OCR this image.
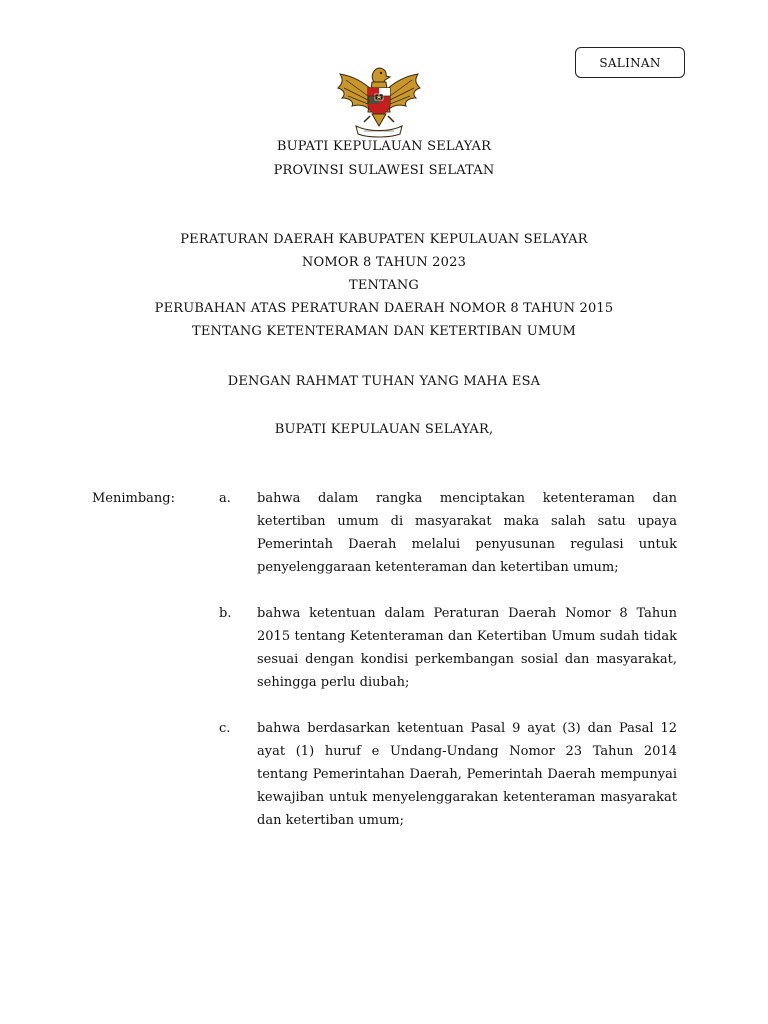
SALINAN
BUPATI KEPULAUAN SELAYAR
PROVINSI SULAWESI SELATAN
PERATURAN DAERAH KABUPATEN KEPULAUAN SELAYAR
NOMOR 8 TAHUN 2023
TENTANG
PERUBAHAN ATAS PERATURAN DAERAH NOMOR 8 TAHUN 2015
TENTANG KETENTERAMAN DAN KETERTIBAN UMUM
DENGAN RAHMAT TUHAN YANG MAHA ESA
BUPATI KEPULAUAN SELAYAR,
Menimbang:	a. bahwa dalam rangka menciptakan ketenteraman dan ketertiban umum di masyarakat maka salah satu upaya Pemerintah Daerah melalui penyusunan regulasi untuk penyelenggaraan ketenteraman dan ketertiban umum;
b. bahwa ketentuan dalam Peraturan Daerah Nomor 8 Tahun 2015 tentang Ketenteraman dan Ketertiban Umum sudah tidak sesuai dengan kondisi perkembangan sosial dan masyarakat, sehingga perlu diubah;
c. bahwa berdasarkan ketentuan Pasal 9 ayat (3) dan Pasal 12 ayat (1) huruf e Undang-Undang Nomor 23 Tahun 2014 tentang Pemerintahan Daerah, Pemerintah Daerah mempunyai kewajiban untuk menyelenggarakan ketenteraman masyarakat dan ketertiban umum;
